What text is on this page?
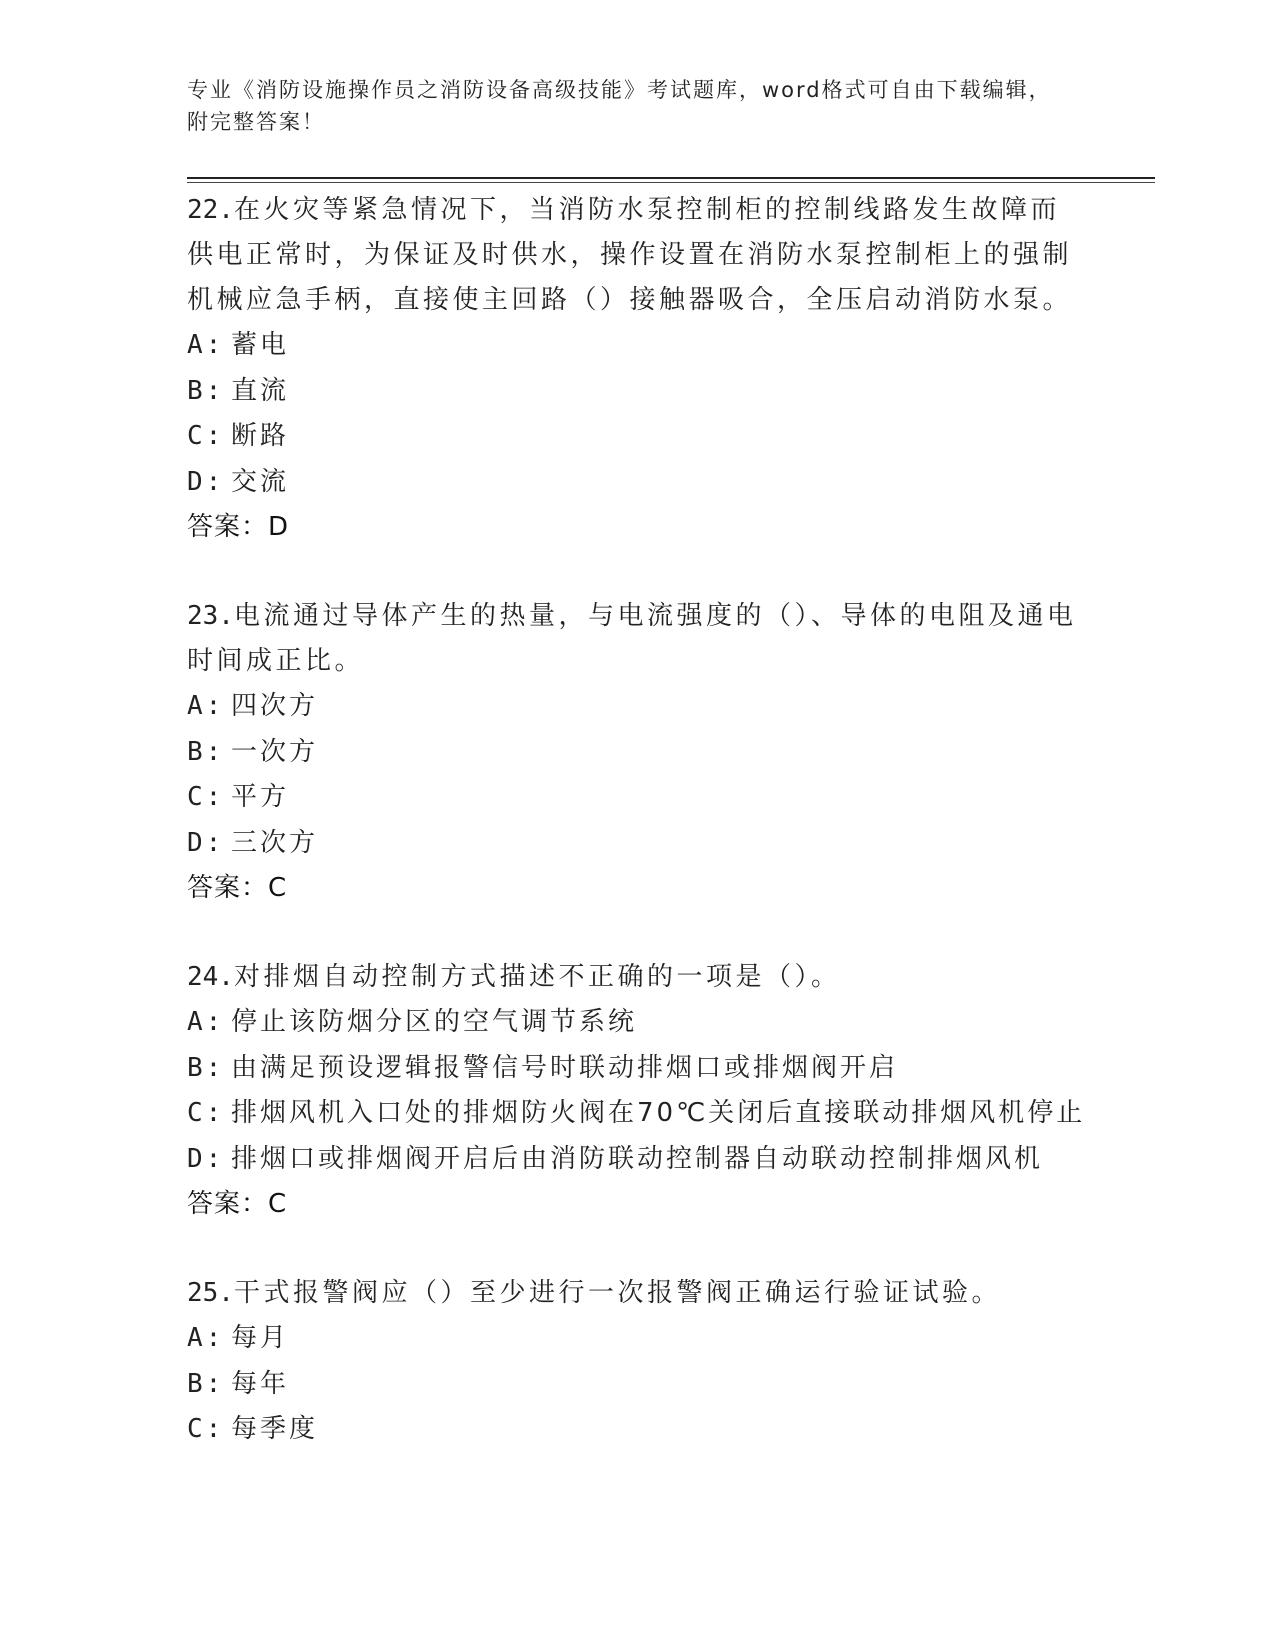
专业《消防设施操作员之消防设备高级技能》考试题库，word格式可自由下载编辑，附完整答案！

22.在火灾等紧急情况下，当消防水泵控制柜的控制线路发生故障而供电正常时，为保证及时供水，操作设置在消防水泵控制柜上的强制机械应急手柄，直接使主回路（）接触器吸合，全压启动消防水泵。

A: 蓄电
B: 直流
C: 断路
D: 交流
答案：D

23.电流通过导体产生的热量，与电流强度的（）、导体的电阻及通电时间成正比。

A: 四次方
B: 一次方
C: 平方
D: 三次方
答案：C

24.对排烟自动控制方式描述不正确的一项是（）。

A: 停止该防烟分区的空气调节系统
B: 由满足预设逻辑报警信号时联动排烟口或排烟阀开启
C: 排烟风机入口处的排烟防火阀在70℃关闭后直接联动排烟风机停止
D: 排烟口或排烟阀开启后由消防联动控制器自动联动控制排烟风机
答案：C

25.干式报警阀应（）至少进行一次报警阀正确运行验证试验。

A: 每月
B: 每年
C: 每季度
